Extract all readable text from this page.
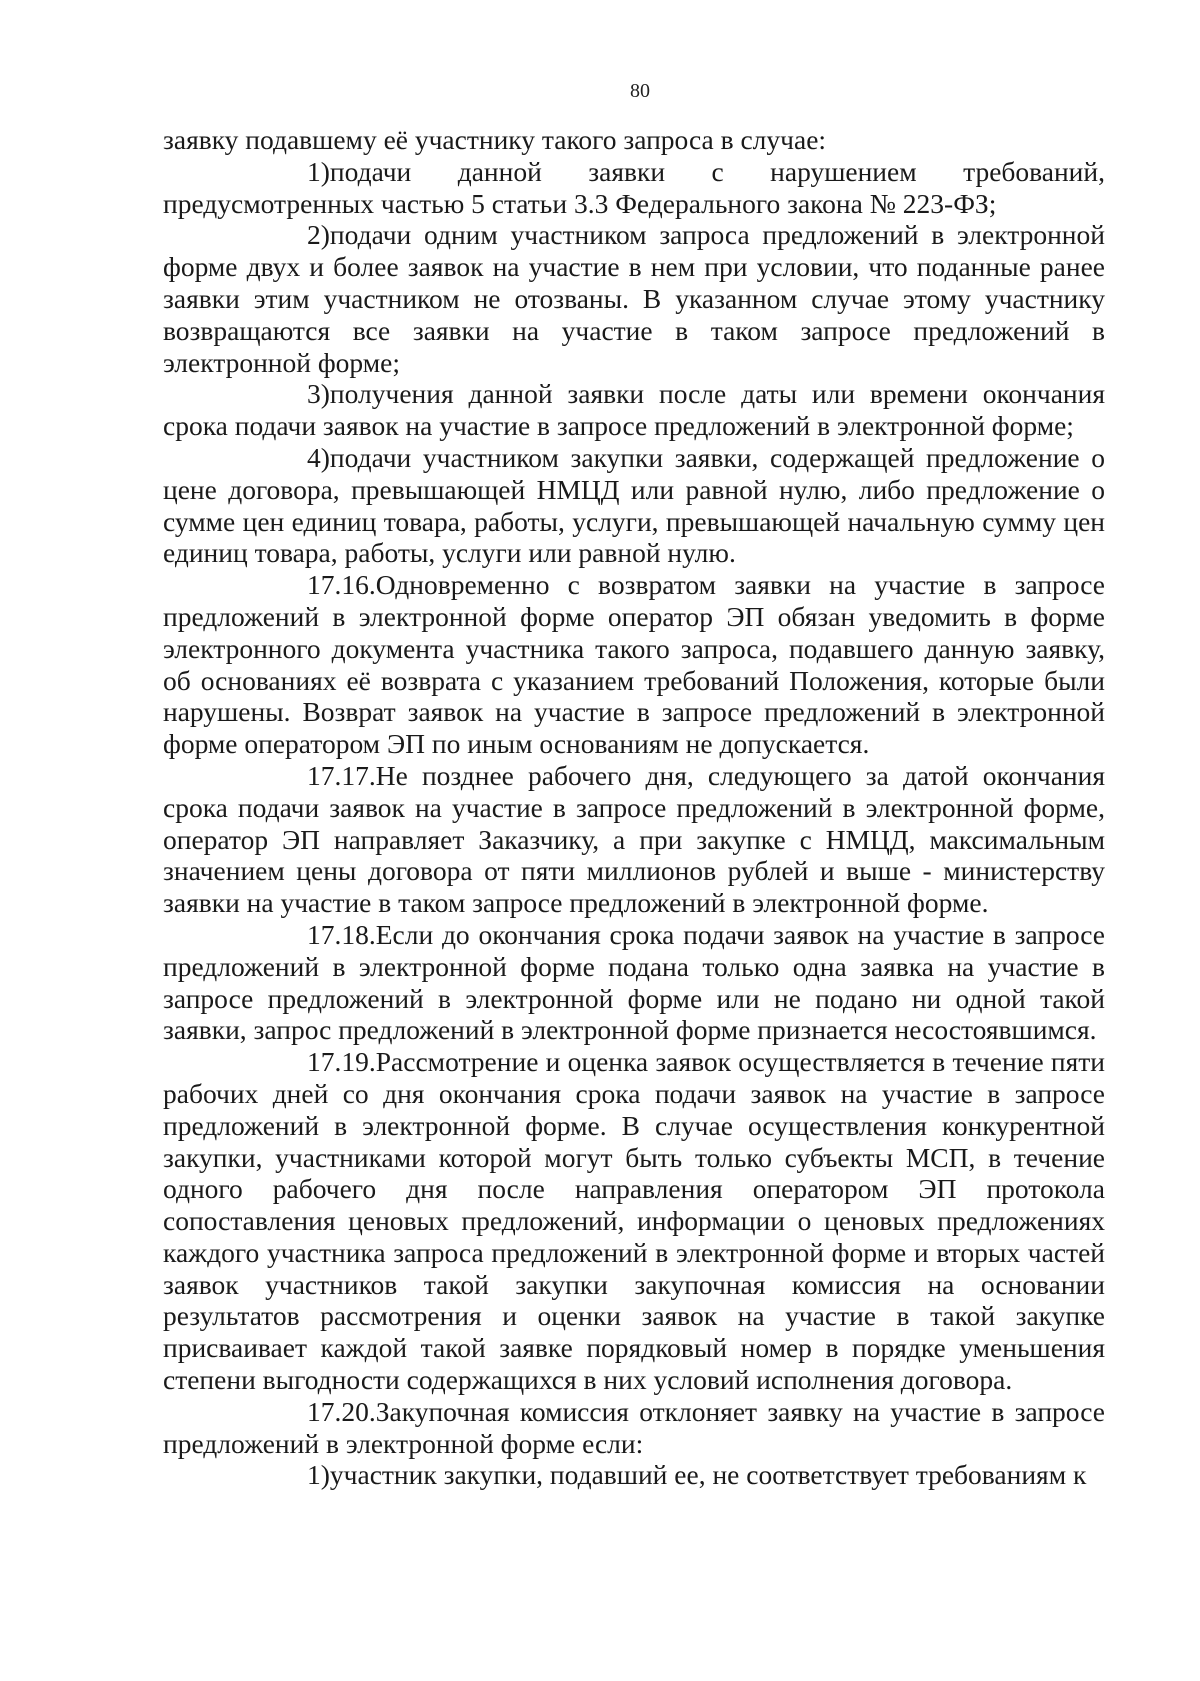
80

заявку подавшему её участнику такого запроса в случае:

1)подачи данной заявки с нарушением требований, предусмотренных частью 5 статьи 3.3 Федерального закона № 223-ФЗ;

2)подачи одним участником запроса предложений в электронной форме двух и более заявок на участие в нем при условии, что поданные ранее заявки этим участником не отозваны. В указанном случае этому участнику возвращаются все заявки на участие в таком запросе предложений в электронной форме;

3)получения данной заявки после даты или времени окончания срока подачи заявок на участие в запросе предложений в электронной форме;

4)подачи участником закупки заявки, содержащей предложение о цене договора, превышающей НМЦД или равной нулю, либо предложение о сумме цен единиц товара, работы, услуги, превышающей начальную сумму цен единиц товара, работы, услуги или равной нулю.

17.16.Одновременно с возвратом заявки на участие в запросе предложений в электронной форме оператор ЭП обязан уведомить в форме электронного документа участника такого запроса, подавшего данную заявку, об основаниях её возврата с указанием требований Положения, которые были нарушены. Возврат заявок на участие в запросе предложений в электронной форме оператором ЭП по иным основаниям не допускается.

17.17.Не позднее рабочего дня, следующего за датой окончания срока подачи заявок на участие в запросе предложений в электронной форме, оператор ЭП направляет Заказчику, а при закупке с НМЦД, максимальным значением цены договора от пяти миллионов рублей и выше - министерству заявки на участие в таком запросе предложений в электронной форме.

17.18.Если до окончания срока подачи заявок на участие в запросе предложений в электронной форме подана только одна заявка на участие в запросе предложений в электронной форме или не подано ни одной такой заявки, запрос предложений в электронной форме признается несостоявшимся.

17.19.Рассмотрение и оценка заявок осуществляется в течение пяти рабочих дней со дня окончания срока подачи заявок на участие в запросе предложений в электронной форме. В случае осуществления конкурентной закупки, участниками которой могут быть только субъекты МСП, в течение одного рабочего дня после направления оператором ЭП протокола сопоставления ценовых предложений, информации о ценовых предложениях каждого участника запроса предложений в электронной форме и вторых частей заявок участников такой закупки закупочная комиссия на основании результатов рассмотрения и оценки заявок на участие в такой закупке присваивает каждой такой заявке порядковый номер в порядке уменьшения степени выгодности содержащихся в них условий исполнения договора.

17.20.Закупочная комиссия отклоняет заявку на участие в запросе предложений в электронной форме если:

1)участник закупки, подавший ее, не соответствует требованиям к
